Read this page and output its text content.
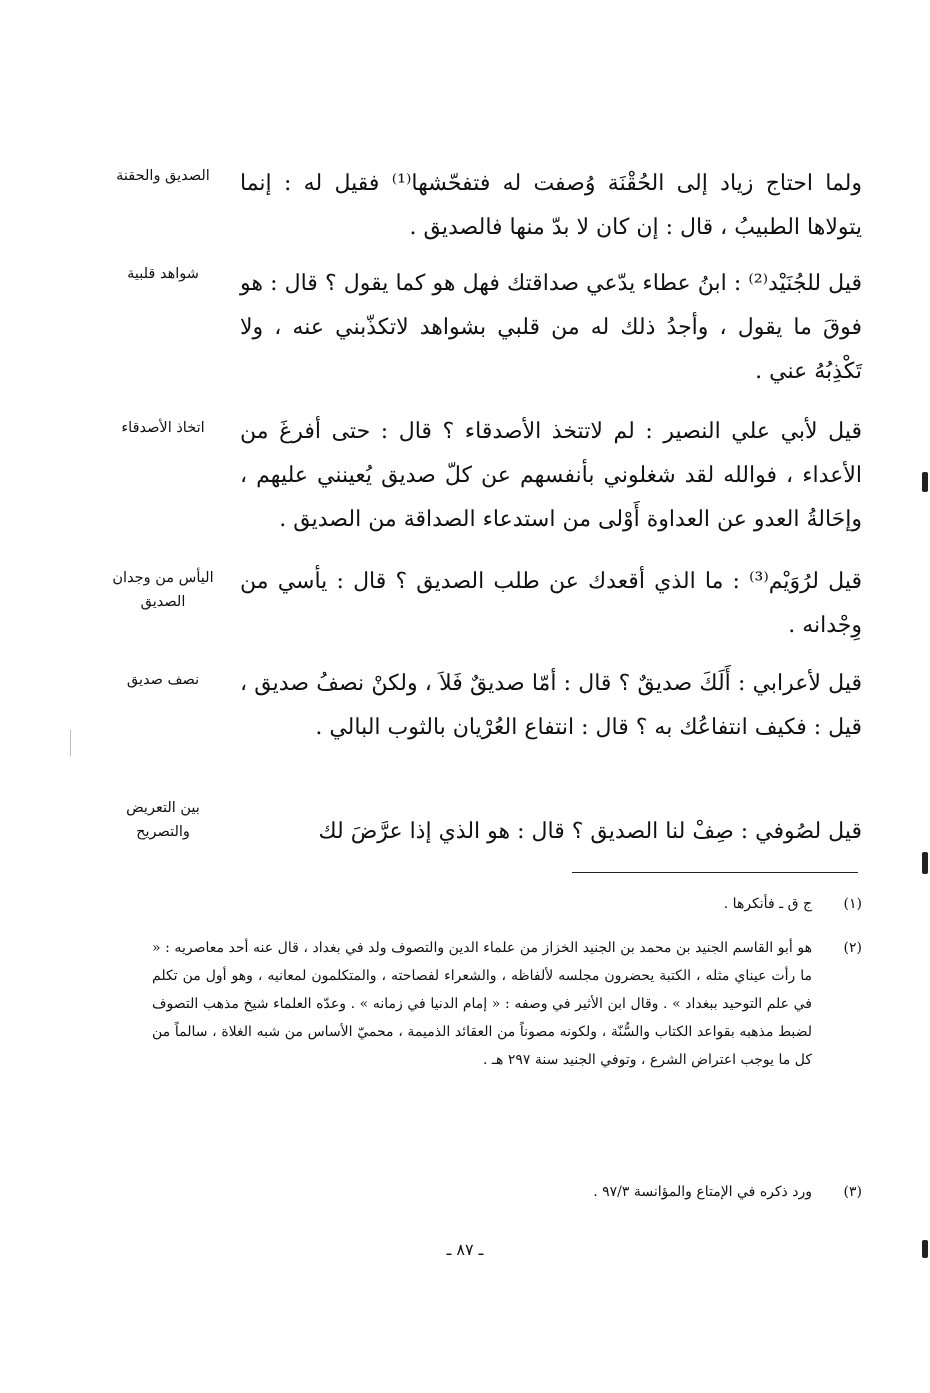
ولما احتاج زياد إلى الحُقْنَة وُصفت له فتفحّشها⁽¹⁾ فقيل له : إنما يتولاها الطبيبُ ، قال : إن كان لا بدّ منها فالصديق .
الصديق والحقنة
قيل للجُنَيْد⁽²⁾ : ابنُ عطاء يدّعي صداقتك فهل هو كما يقول ؟ قال : هو فوقَ ما يقول ، وأجدُ ذلك له من قلبي بشواهد لاتكذّبني عنه ، ولا تَكْذِبُهُ عني .
شواهد قلبية
قيل لأبي علي النصير : لم لاتتخذ الأصدقاء ؟ قال : حتى أفرغَ من الأعداء ، فوالله لقد شغلوني بأنفسهم عن كلّ صديق يُعينني عليهم ، وإحَالةُ العدو عن العداوة أَوْلى من استدعاء الصداقة من الصديق .
اتخاذ الأصدقاء
قيل لرُوَيْم⁽³⁾ : ما الذي أقعدك عن طلب الصديق ؟ قال : يأسي من وِجْدانه .
اليأس من وجدان الصديق
قيل لأعرابي : أَلَكَ صديقٌ ؟ قال : أمّا صديقٌ فَلاَ ، ولكنْ نصفُ صديق ، قيل : فكيف انتفاعُك به ؟ قال : انتفاع العُرْيان بالثوب البالي .
نصف صديق
قيل لصُوفي : صِفْ لنا الصديق ؟ قال : هو الذي إذا عرَّضَ لك
بين التعريض والتصريح
(١)
ج ق ـ فأنكرها .
(٢)
هو أبو القاسم الجنيد بن محمد بن الجنيد الخزاز من علماء الدين والتصوف ولد في بغداد ، قال عنه أحد معاصريه : « ما رأت عيناي مثله ، الكتبة يحضرون مجلسه لألفاظه ، والشعراء لفصاحته ، والمتكلمون لمعانيه ، وهو أول من تكلم في علم التوحيد ببغداد » . وقال ابن الأثير في وصفه : « إمام الدنيا في زمانه » . وعدّه العلماء شيخ مذهب التصوف لضبط مذهبه بقواعد الكتاب والسُّنّة ، ولكونه مصوناً من العقائد الذميمة ، محميّ الأساس من شبه الغلاة ، سالماً من كل ما يوجب اعتراض الشرع ، وتوفي الجنيد سنة ٢٩٧ هـ .
(٣)
ورد ذكره في الإمتاع والمؤانسة ٩٧/٣ .
ـ ٨٧ ـ
